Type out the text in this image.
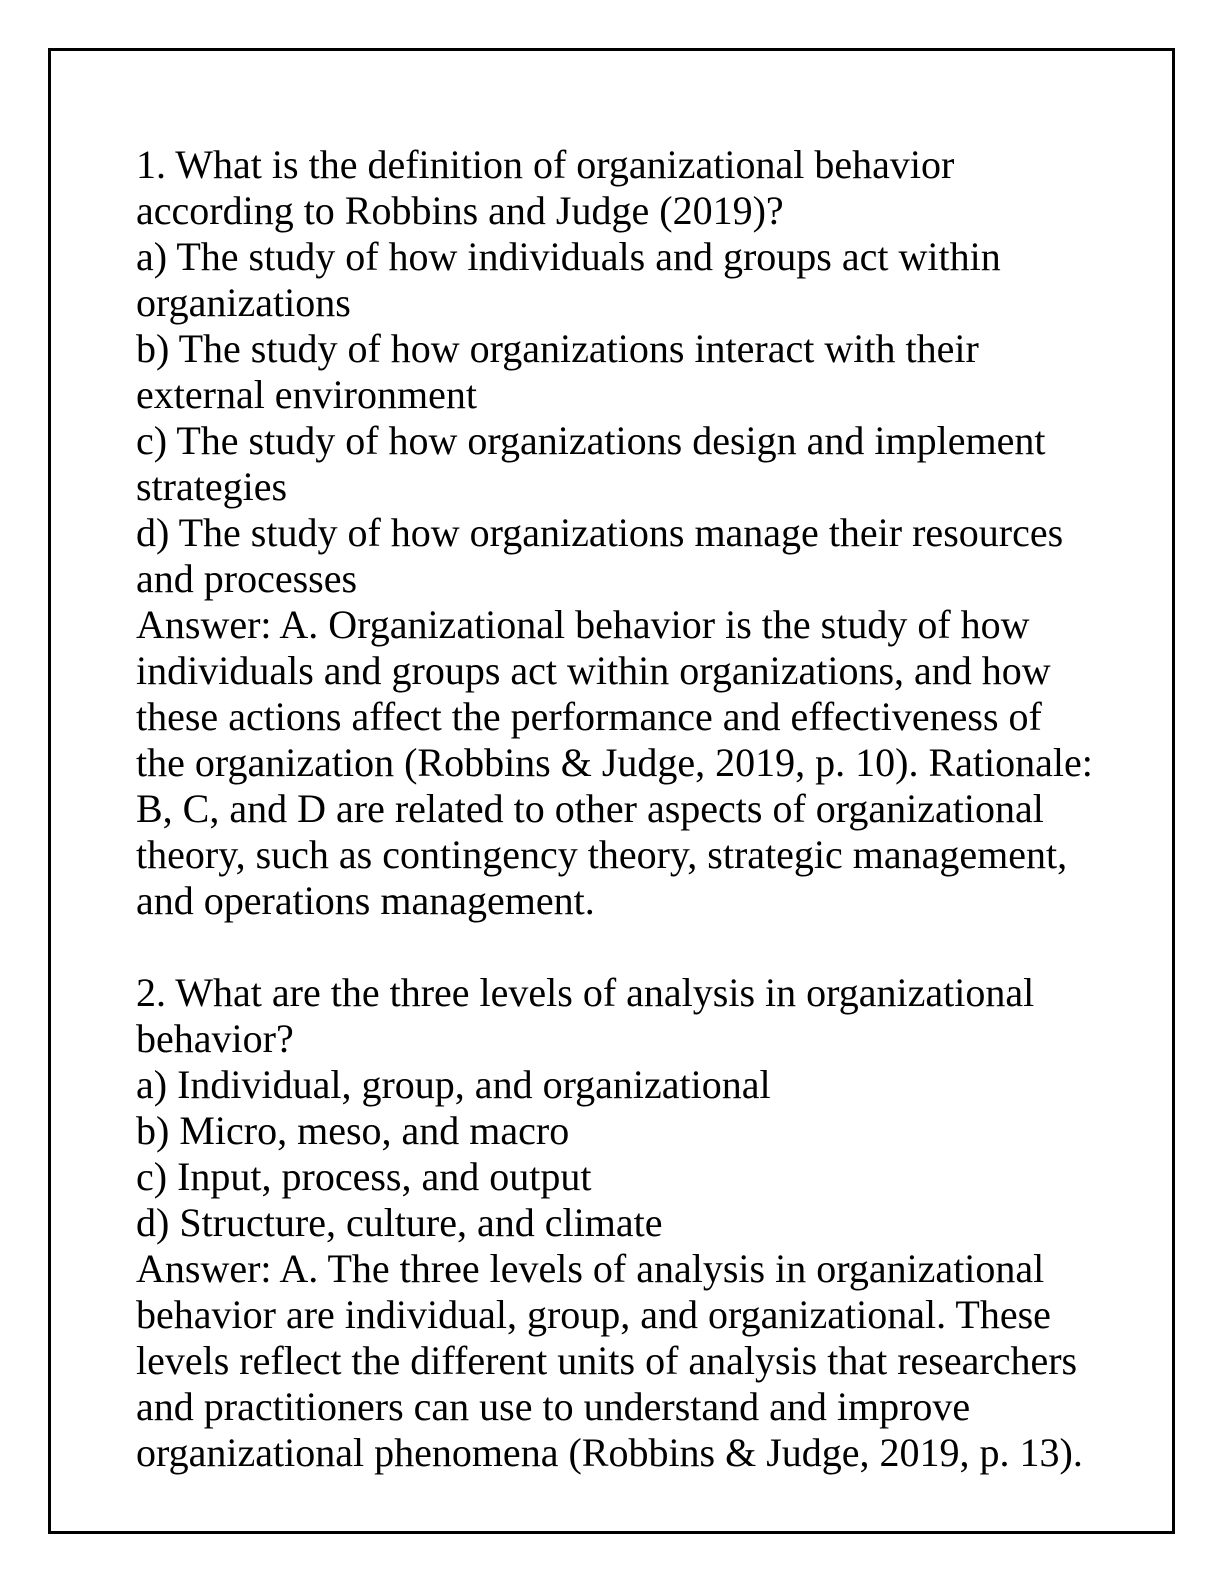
1. What is the definition of organizational behavior
according to Robbins and Judge (2019)?
a) The study of how individuals and groups act within
organizations
b) The study of how organizations interact with their
external environment
c) The study of how organizations design and implement
strategies
d) The study of how organizations manage their resources
and processes
Answer: A. Organizational behavior is the study of how
individuals and groups act within organizations, and how
these actions affect the performance and effectiveness of
the organization (Robbins & Judge, 2019, p. 10). Rationale:
B, C, and D are related to other aspects of organizational
theory, such as contingency theory, strategic management,
and operations management.
2. What are the three levels of analysis in organizational
behavior?
a) Individual, group, and organizational
b) Micro, meso, and macro
c) Input, process, and output
d) Structure, culture, and climate
Answer: A. The three levels of analysis in organizational
behavior are individual, group, and organizational. These
levels reflect the different units of analysis that researchers
and practitioners can use to understand and improve
organizational phenomena (Robbins & Judge, 2019, p. 13).
